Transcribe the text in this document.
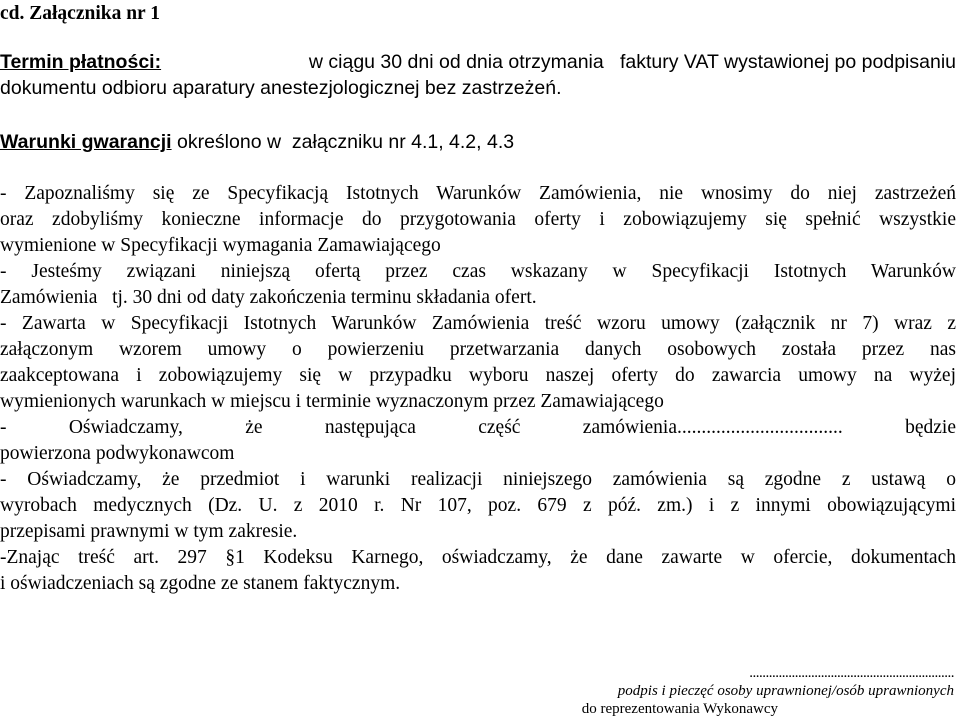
cd. Załącznika nr 1
Termin płatności:	w ciągu 30 dni od dnia otrzymania   faktury VAT wystawionej po podpisaniu
dokumentu odbioru aparatury anestezjologicznej bez zastrzeżeń.
Warunki gwarancji określono w  załączniku nr 4.1, 4.2, 4.3
- Zapoznaliśmy się ze Specyfikacją Istotnych Warunków Zamówienia, nie wnosimy do niej zastrzeżeń
oraz zdobyliśmy konieczne informacje do przygotowania oferty i zobowiązujemy się spełnić wszystkie
wymienione w Specyfikacji wymagania Zamawiającego
- Jesteśmy związani niniejszą ofertą przez czas wskazany w Specyfikacji Istotnych Warunków
Zamówienia   tj. 30 dni od daty zakończenia terminu składania ofert.
- Zawarta w Specyfikacji Istotnych Warunków Zamówienia treść wzoru umowy (załącznik nr 7) wraz z
załączonym wzorem umowy o powierzeniu przetwarzania danych osobowych została przez nas
zaakceptowana i zobowiązujemy się w przypadku wyboru naszej oferty do zawarcia umowy na wyżej
wymienionych warunkach w miejscu i terminie wyznaczonym przez Zamawiającego
- Oświadczamy, że następująca część zamówienia.................................. będzie
powierzona podwykonawcom
- Oświadczamy, że przedmiot i warunki realizacji niniejszego zamówienia są zgodne z ustawą o
wyrobach medycznych (Dz. U. z 2010 r. Nr 107, poz. 679 z póź. zm.) i z innymi obowiązującymi
przepisami prawnymi w tym zakresie.
-Znając treść art. 297 §1 Kodeksu Karnego, oświadczamy, że dane zawarte w ofercie, dokumentach
i oświadczeniach są zgodne ze stanem faktycznym.
...............................................................
podpis i pieczęć osoby uprawnionej/osób uprawnionych
do reprezentowania Wykonawcy
